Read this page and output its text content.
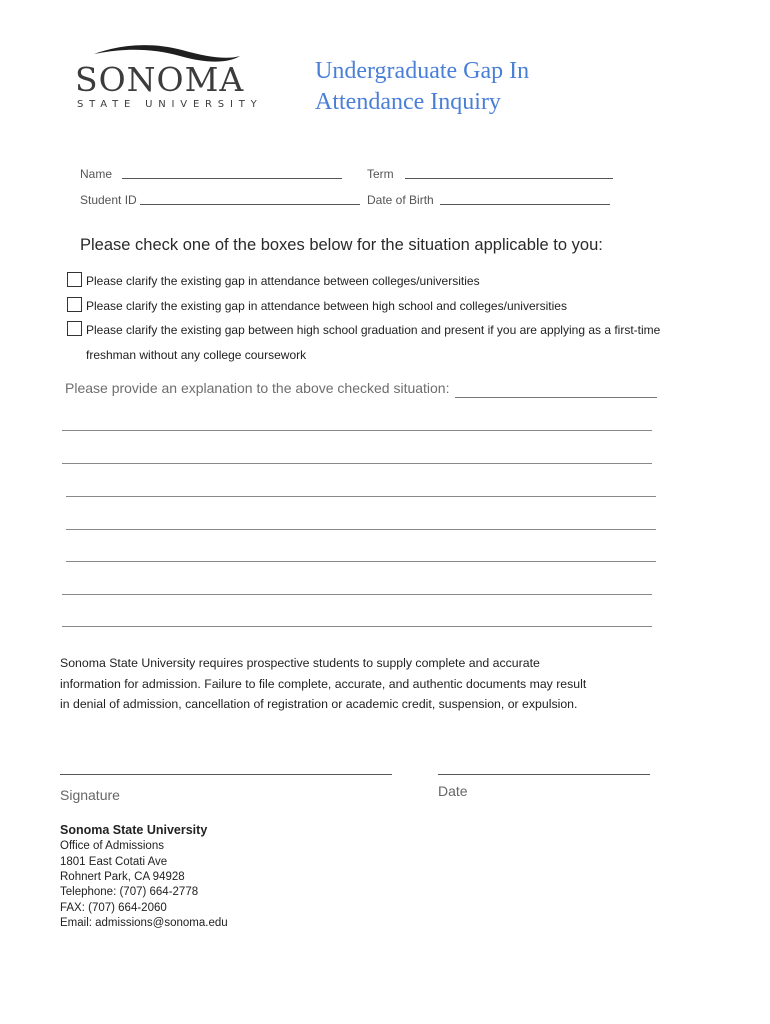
SONOMA
STATE UNIVERSITY
Undergraduate Gap In
Attendance Inquiry
Name	Term
Student ID	Date of Birth
Please check one of the boxes below for the situation applicable to you:
Please clarify the existing gap in attendance between colleges/universities
Please clarify the existing gap in attendance between high school and colleges/universities
Please clarify the existing gap between high school graduation and present if you are applying as a first-time
freshman without any college coursework
Please provide an explanation to the above checked situation:
Sonoma State University requires prospective students to supply complete and accurate
information for admission. Failure to file complete, accurate, and authentic documents may result
in denial of admission, cancellation of registration or academic credit, suspension, or expulsion.
Signature	Date
Sonoma State University
Office of Admissions
1801 East Cotati Ave
Rohnert Park, CA 94928
Telephone: (707) 664-2778
FAX: (707) 664-2060
Email: admissions@sonoma.edu
